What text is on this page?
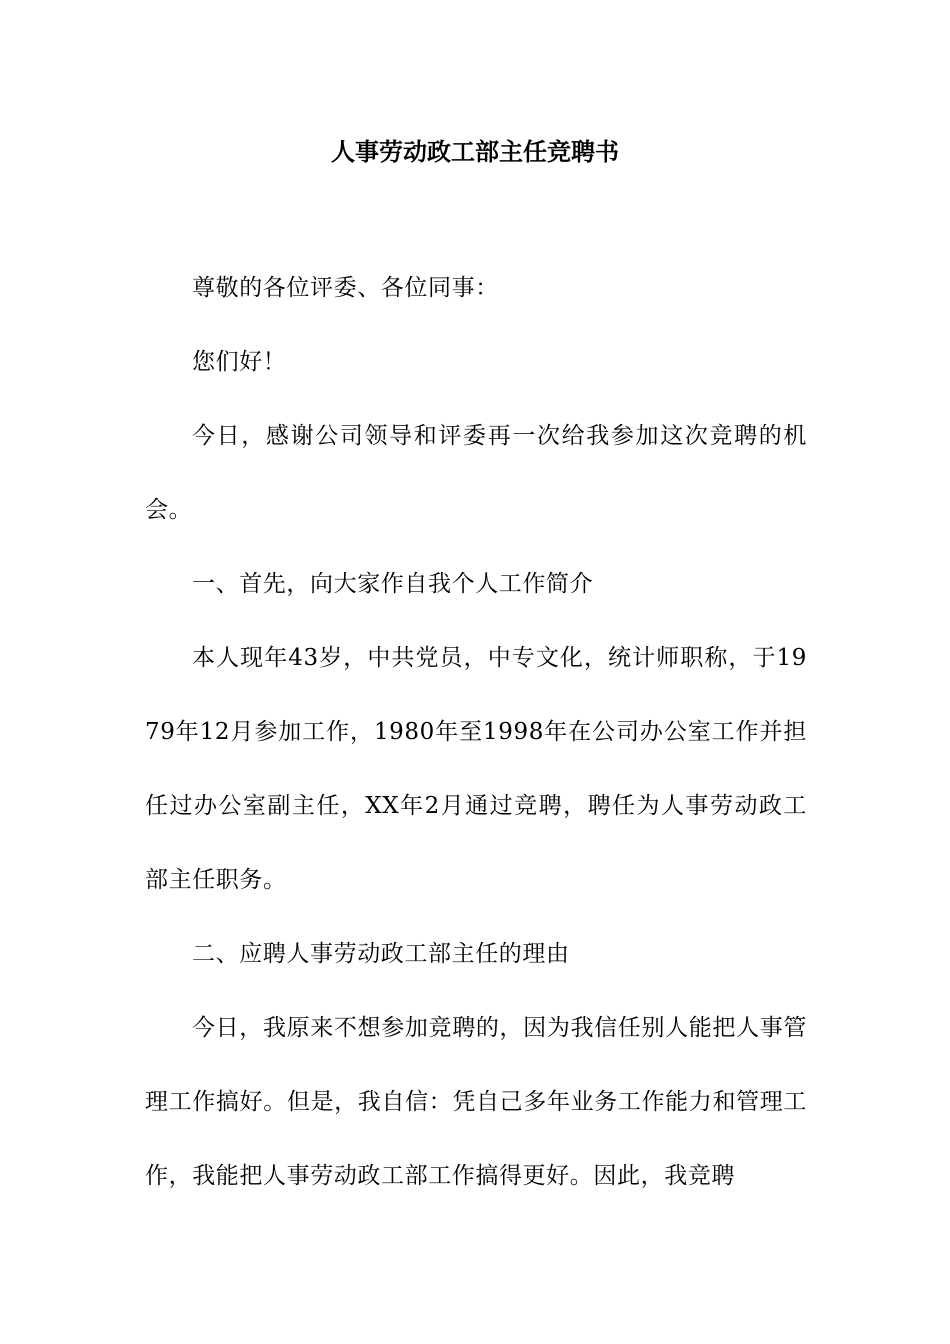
人事劳动政工部主任竞聘书

尊敬的各位评委、各位同事：

您们好！

今日，感谢公司领导和评委再一次给我参加这次竞聘的机会。

一、首先，向大家作自我个人工作简介

本人现年43岁，中共党员，中专文化，统计师职称，于1979年12月参加工作，1980年至1998年在公司办公室工作并担任过办公室副主任，XX年2月通过竞聘，聘任为人事劳动政工部主任职务。

二、应聘人事劳动政工部主任的理由

今日，我原来不想参加竞聘的，因为我信任别人能把人事管理工作搞好。但是，我自信：凭自己多年业务工作能力和管理工作，我能把人事劳动政工部工作搞得更好。因此，我竞聘
